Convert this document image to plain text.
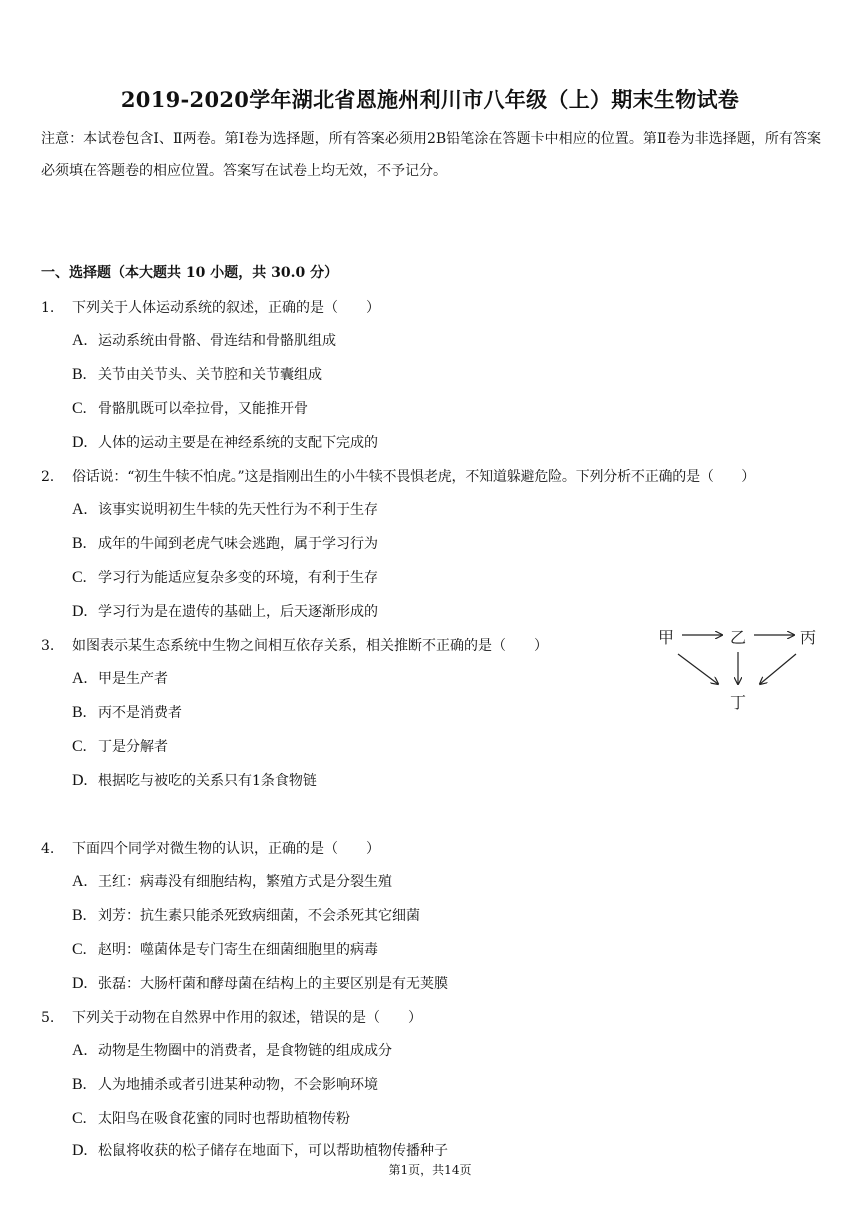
2019-2020学年湖北省恩施州利川市八年级（上）期末生物试卷
注意：本试卷包含Ⅰ、Ⅱ两卷。第Ⅰ卷为选择题，所有答案必须用2B铅笔涂在答题卡中相应的位置。第Ⅱ卷为非选择题，所有答案必须填在答题卷的相应位置。答案写在试卷上均无效，不予记分。
一、选择题（本大题共 10 小题，共 30.0 分）
1. 下列关于人体运动系统的叙述，正确的是（　　）
A. 运动系统由骨骼、骨连结和骨骼肌组成
B. 关节由关节头、关节腔和关节囊组成
C. 骨骼肌既可以牵拉骨，又能推开骨
D. 人体的运动主要是在神经系统的支配下完成的
2. 俗话说：“初生牛犊不怕虎。”这是指刚出生的小牛犊不畏惧老虎，不知道躲避危险。下列分析不正确的是（　　）
A. 该事实说明初生牛犊的先天性行为不利于生存
B. 成年的牛闻到老虎气味会逃跑，属于学习行为
C. 学习行为能适应复杂多变的环境，有利于生存
D. 学习行为是在遗传的基础上，后天逐渐形成的
3. 如图表示某生态系统中生物之间相互依存关系，相关推断不正确的是（　　）
A. 甲是生产者
B. 丙不是消费者
C. 丁是分解者
D. 根据吃与被吃的关系只有1条食物链
甲	乙	丙
丁
4. 下面四个同学对微生物的认识，正确的是（　　）
A. 王红：病毒没有细胞结构，繁殖方式是分裂生殖
B. 刘芳：抗生素只能杀死致病细菌，不会杀死其它细菌
C. 赵明：噬菌体是专门寄生在细菌细胞里的病毒
D. 张磊：大肠杆菌和酵母菌在结构上的主要区别是有无荚膜
5. 下列关于动物在自然界中作用的叙述，错误的是（　　）
A. 动物是生物圈中的消费者，是食物链的组成成分
B. 人为地捕杀或者引进某种动物，不会影响环境
C. 太阳鸟在吸食花蜜的同时也帮助植物传粉
D. 松鼠将收获的松子储存在地面下，可以帮助植物传播种子
第1页，共14页
